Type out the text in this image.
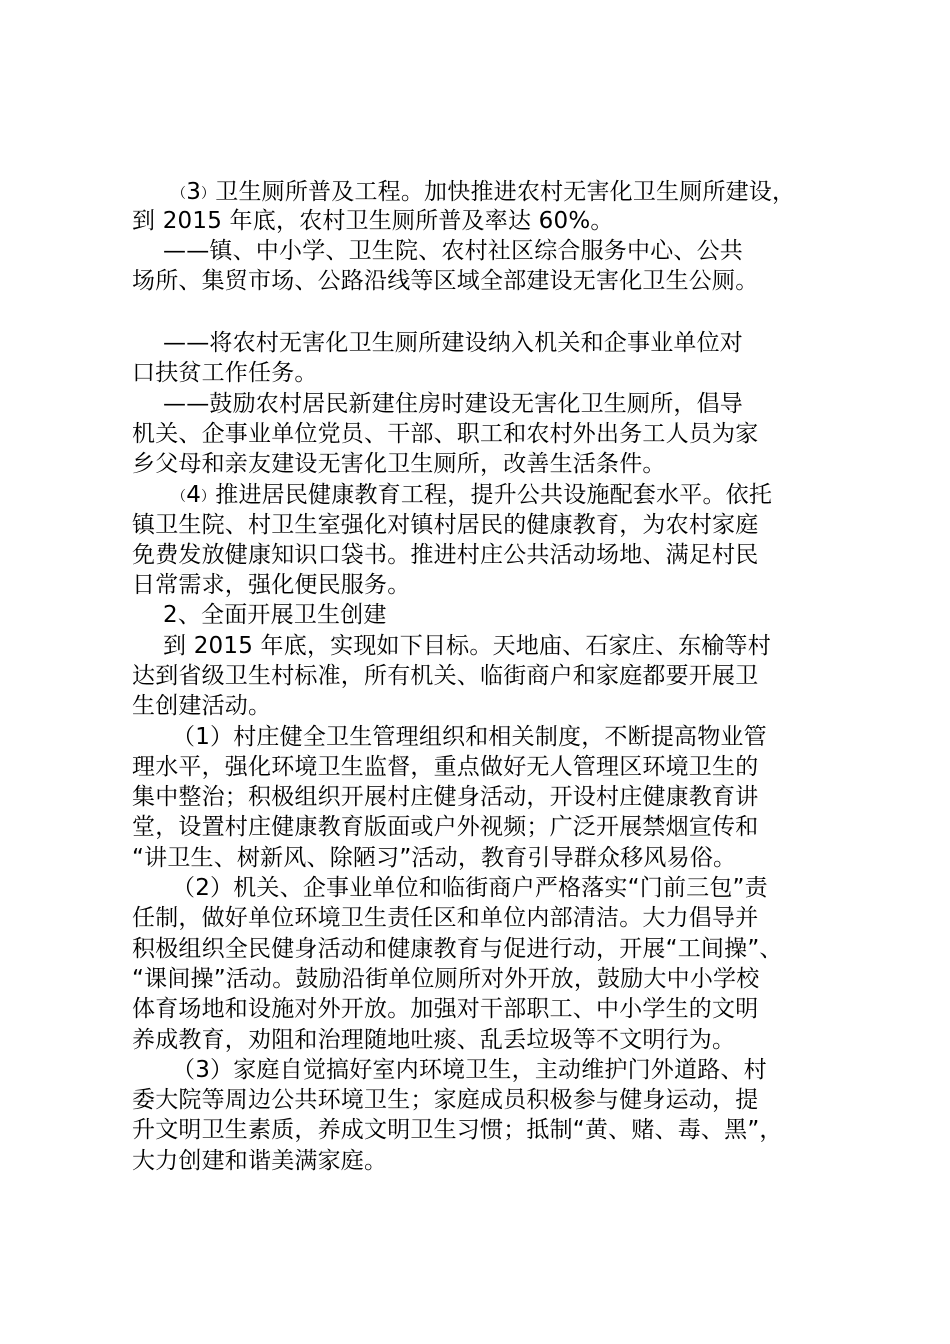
（3）卫生厕所普及工程。加快推进农村无害化卫生厕所建设，
到 2015 年底，农村卫生厕所普及率达 60%。
——镇、中小学、卫生院、农村社区综合服务中心、公共
场所、集贸市场、公路沿线等区域全部建设无害化卫生公厕。
——将农村无害化卫生厕所建设纳入机关和企事业单位对
口扶贫工作任务。
——鼓励农村居民新建住房时建设无害化卫生厕所，倡导
机关、企事业单位党员、干部、职工和农村外出务工人员为家
乡父母和亲友建设无害化卫生厕所，改善生活条件。
（4）推进居民健康教育工程，提升公共设施配套水平。依托
镇卫生院、村卫生室强化对镇村居民的健康教育，为农村家庭
免费发放健康知识口袋书。推进村庄公共活动场地、满足村民
日常需求，强化便民服务。
2、全面开展卫生创建
到 2015 年底，实现如下目标。天地庙、石家庄、东榆等村
达到省级卫生村标准，所有机关、临街商户和家庭都要开展卫
生创建活动。
（1）村庄健全卫生管理组织和相关制度，不断提高物业管
理水平，强化环境卫生监督，重点做好无人管理区环境卫生的
集中整治；积极组织开展村庄健身活动，开设村庄健康教育讲
堂，设置村庄健康教育版面或户外视频；广泛开展禁烟宣传和
“讲卫生、树新风、除陋习”活动，教育引导群众移风易俗。
（2）机关、企事业单位和临街商户严格落实“门前三包”责
任制，做好单位环境卫生责任区和单位内部清洁。大力倡导并
积极组织全民健身活动和健康教育与促进行动，开展“工间操”、
“课间操”活动。鼓励沿街单位厕所对外开放，鼓励大中小学校
体育场地和设施对外开放。加强对干部职工、中小学生的文明
养成教育，劝阻和治理随地吐痰、乱丢垃圾等不文明行为。
（3）家庭自觉搞好室内环境卫生，主动维护门外道路、村
委大院等周边公共环境卫生；家庭成员积极参与健身运动，提
升文明卫生素质，养成文明卫生习惯；抵制“黄、赌、毒、黑”，
大力创建和谐美满家庭。
